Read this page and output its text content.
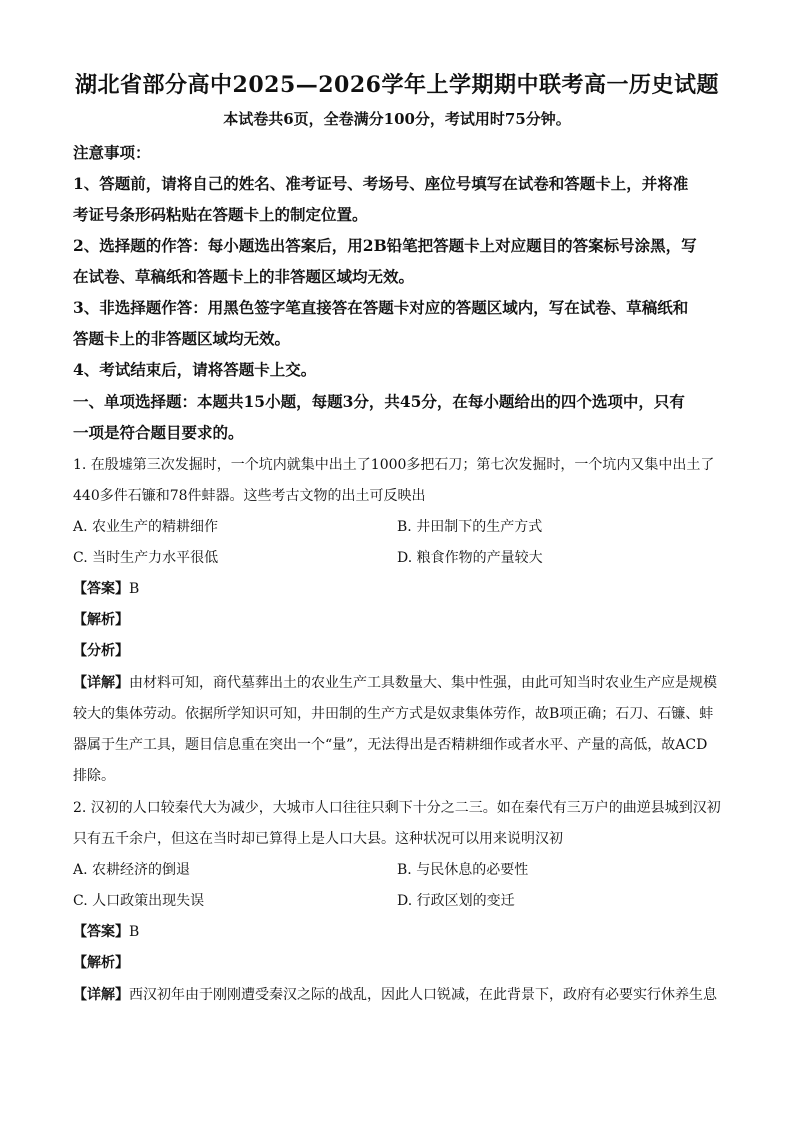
湖北省部分高中2025—2026学年上学期期中联考高一历史试题
本试卷共6页，全卷满分100分，考试用时75分钟。
注意事项：
1、答题前，请将自己的姓名、准考证号、考场号、座位号填写在试卷和答题卡上，并将准
考证号条形码粘贴在答题卡上的制定位置。
2、选择题的作答：每小题选出答案后，用2B铅笔把答题卡上对应题目的答案标号涂黑，写
在试卷、草稿纸和答题卡上的非答题区域均无效。
3、非选择题作答：用黑色签字笔直接答在答题卡对应的答题区域内，写在试卷、草稿纸和
答题卡上的非答题区域均无效。
4、考试结束后，请将答题卡上交。
一、单项选择题：本题共15小题，每题3分，共45分，在每小题给出的四个选项中，只有
一项是符合题目要求的。
1. 在殷墟第三次发掘时，一个坑内就集中出土了1000多把石刀；第七次发掘时，一个坑内又集中出土了
440多件石镰和78件蚌器。这些考古文物的出土可反映出
A. 农业生产的精耕细作	B. 井田制下的生产方式
C. 当时生产力水平很低	D. 粮食作物的产量较大
【答案】B
【解析】
【分析】
【详解】由材料可知，商代墓葬出土的农业生产工具数量大、集中性强，由此可知当时农业生产应是规模
较大的集体劳动。依据所学知识可知，井田制的生产方式是奴隶集体劳作，故B项正确；石刀、石镰、蚌
器属于生产工具，题目信息重在突出一个“量”，无法得出是否精耕细作或者水平、产量的高低，故ACD
排除。
2. 汉初的人口较秦代大为减少，大城市人口往往只剩下十分之二三。如在秦代有三万户的曲逆县城到汉初
只有五千余户，但这在当时却已算得上是人口大县。这种状况可以用来说明汉初
A. 农耕经济的倒退	B. 与民休息的必要性
C. 人口政策出现失误	D. 行政区划的变迁
【答案】B
【解析】
【详解】西汉初年由于刚刚遭受秦汉之际的战乱，因此人口锐减，在此背景下，政府有必要实行休养生息
